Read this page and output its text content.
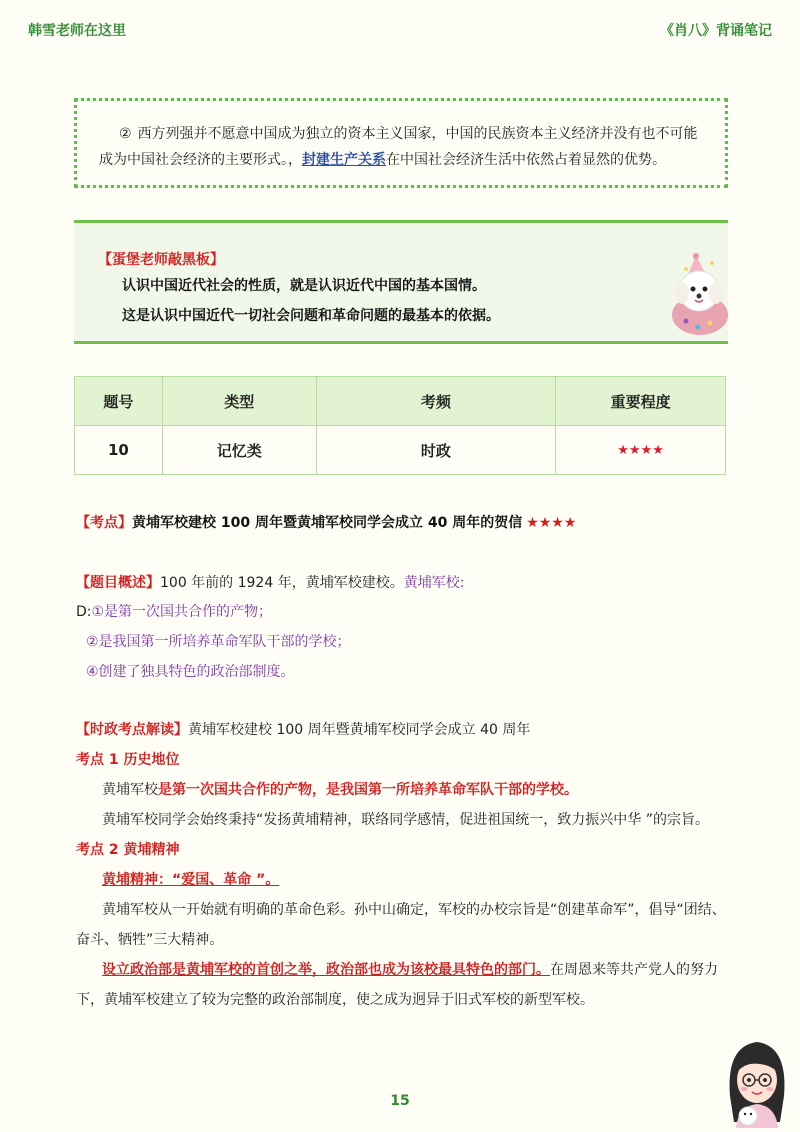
韩雪老师在这里	《肖八》背诵笔记
② 西方列强并不愿意中国成为独立的资本主义国家，中国的民族资本主义经济并没有也不可能成为中国社会经济的主要形式。，封建生产关系在中国社会经济生活中依然占着显然的优势。
【蛋堡老师敲黑板】
认识中国近代社会的性质，就是认识近代中国的基本国情。
这是认识中国近代一切社会问题和革命问题的最基本的依据。
题号	类型	考频	重要程度
10	记忆类	时政	★★★★
【考点】黄埔军校建校 100 周年暨黄埔军校同学会成立 40 周年的贺信 ★★★★
【题目概述】100 年前的 1924 年，黄埔军校建校。黄埔军校:
D:①是第一次国共合作的产物；
②是我国第一所培养革命军队干部的学校；
④创建了独具特色的政治部制度。
【时政考点解读】黄埔军校建校 100 周年暨黄埔军校同学会成立 40 周年
考点 1 历史地位
黄埔军校是第一次国共合作的产物，是我国第一所培养革命军队干部的学校。
黄埔军校同学会始终秉持“发扬黄埔精神，联络同学感情，促进祖国统一，致力振兴中华 ”的宗旨。
考点 2 黄埔精神
黄埔精神：“爱国、革命 ”。
黄埔军校从一开始就有明确的革命色彩。孙中山确定，军校的办校宗旨是“创建革命军”，倡导“团结、
奋斗、牺牲”三大精神。
设立政治部是黄埔军校的首创之举，政治部也成为该校最具特色的部门。在周恩来等共产党人的努力
下，黄埔军校建立了较为完整的政治部制度，使之成为迥异于旧式军校的新型军校。
15
